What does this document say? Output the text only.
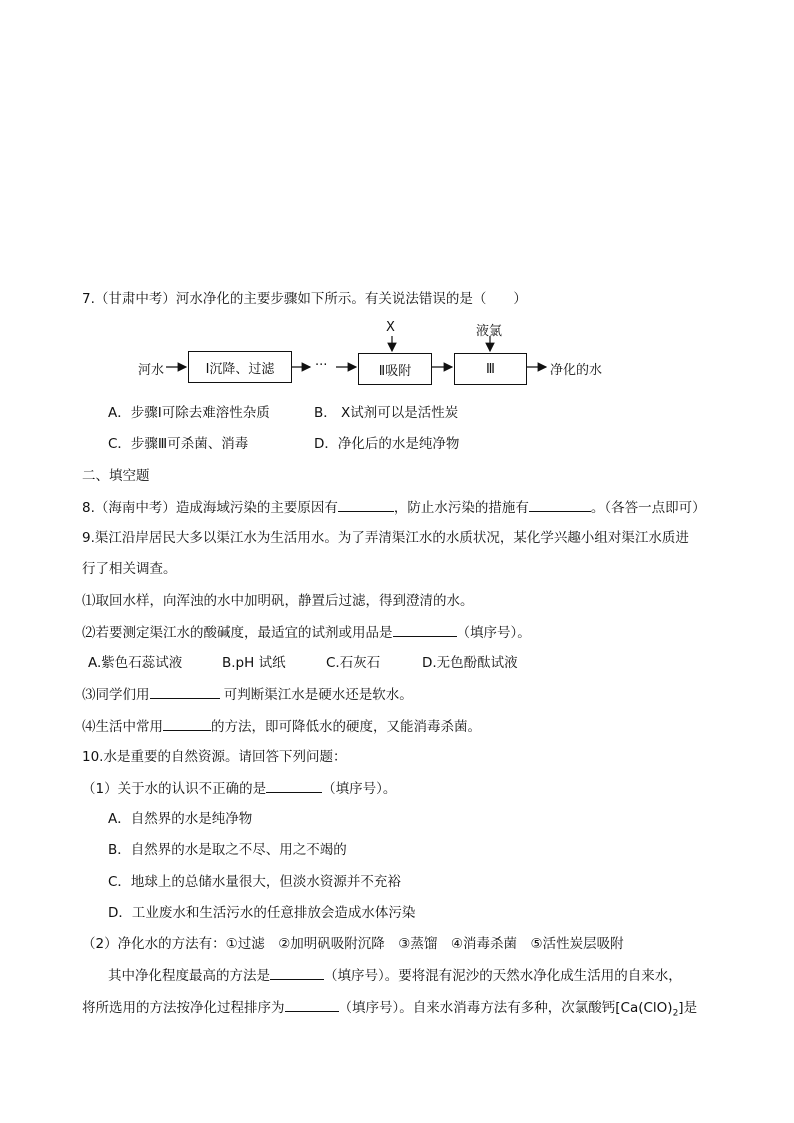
7.（甘肃中考）河水净化的主要步骤如下所示。有关说法错误的是（　　）
河水	Ⅰ沉降、过滤	···
X
Ⅱ吸附
液氯
Ⅲ	净化的水
A．步骤Ⅰ可除去难溶性杂质	B． X试剂可以是活性炭
C．步骤Ⅲ可杀菌、消毒	D．净化后的水是纯净物
二、填空题
8.（海南中考）造成海域污染的主要原因有	，防止水污染的措施有	。（各答一点即可）
9.渠江沿岸居民大多以渠江水为生活用水。为了弄清渠江水的水质状况，某化学兴趣小组对渠江水质进
行了相关调查。
⑴取回水样，向浑浊的水中加明矾，静置后过滤，得到澄清的水。
⑵若要测定渠江水的酸碱度，最适宜的试剂或用品是	（填序号）。
A.紫色石蕊试液	B.pH 试纸	C.石灰石	D.无色酚酞试液
⑶同学们用	可判断渠江水是硬水还是软水。
⑷生活中常用	的方法，即可降低水的硬度，又能消毒杀菌。
10.水是重要的自然资源。请回答下列问题：
（1）关于水的认识不正确的是	（填序号）。
A．自然界的水是纯净物
B．自然界的水是取之不尽、用之不竭的
C．地球上的总储水量很大，但淡水资源并不充裕
D．工业废水和生活污水的任意排放会造成水体污染
（2）净化水的方法有：①过滤　②加明矾吸附沉降　③蒸馏　④消毒杀菌　⑤活性炭层吸附
其中净化程度最高的方法是	（填序号）。要将混有泥沙的天然水净化成生活用的自来水，
将所选用的方法按净化过程排序为	（填序号）。自来水消毒方法有多种，次氯酸钙$[Ca(ClO)_2]$是
